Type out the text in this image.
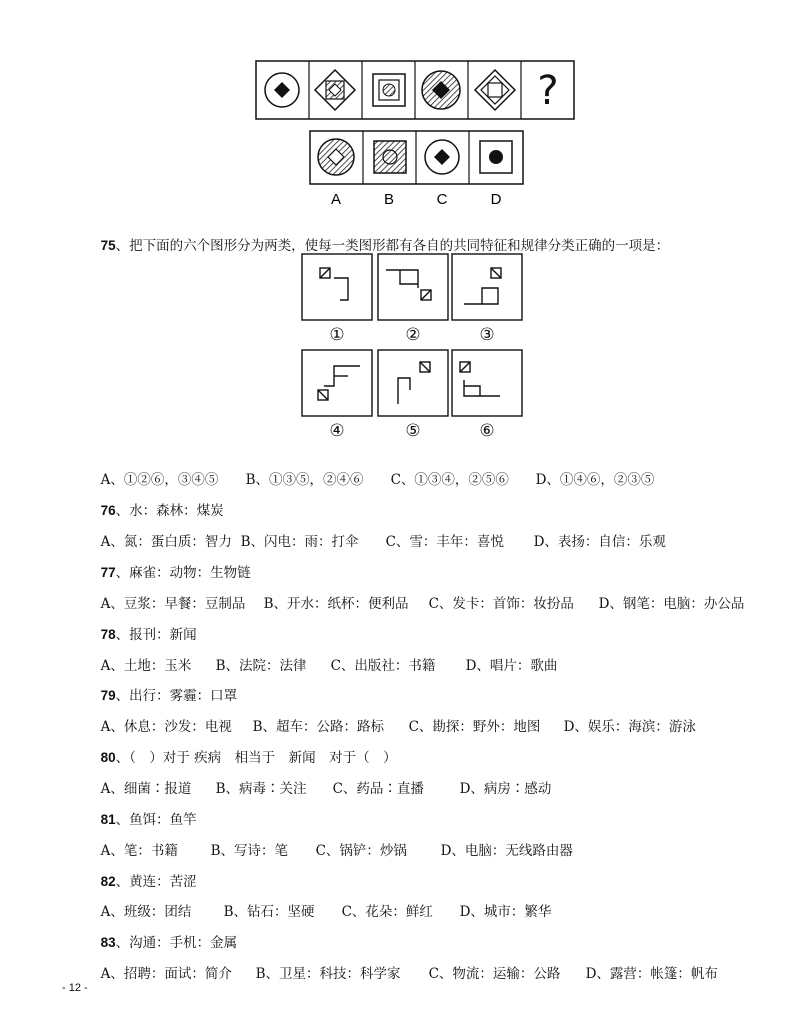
?
A	B	C	D

75、把下面的六个图形分为两类，使每一类图形都有各自的共同特征和规律分类正确的一项是：

①	②	③
④	⑤	⑥

A、①②⑥，③④⑤ B、①③⑤，②④⑥ C、①③④，②⑤⑥ D、①④⑥，②③⑤

76、水：森林：煤炭

A、氮：蛋白质：智力 B、闪电：雨：打伞 C、雪：丰年：喜悦 D、表扬：自信：乐观

77、麻雀：动物：生物链

A、豆浆：早餐：豆制品 B、开水：纸杯：便利品 C、发卡：首饰：妆扮品 D、钢笔：电脑：办公品

78、报刊：新闻

A、土地：玉米 B、法院：法律 C、出版社：书籍 D、唱片：歌曲

79、出行：雾霾：口罩

A、休息：沙发：电视 B、超车：公路：路标 C、勘探：野外：地图 D、娱乐：海滨：游泳

80、（　）对于 疾病　相当于　新闻　对于（　）

A、细菌∶报道 B、病毒∶关注 C、药品∶直播	D、病房∶感动

81、鱼饵：鱼竿

A、笔：书籍 B、写诗：笔 C、锅铲：炒锅 D、电脑：无线路由器

82、黄连：苦涩

A、班级：团结 B、钻石：坚硬 C、花朵：鲜红 D、城市：繁华

83、沟通：手机：金属

A、招聘：面试：简介 B、卫星：科技：科学家 C、物流：运输：公路 D、露营：帐篷：帆布

- 12 -
